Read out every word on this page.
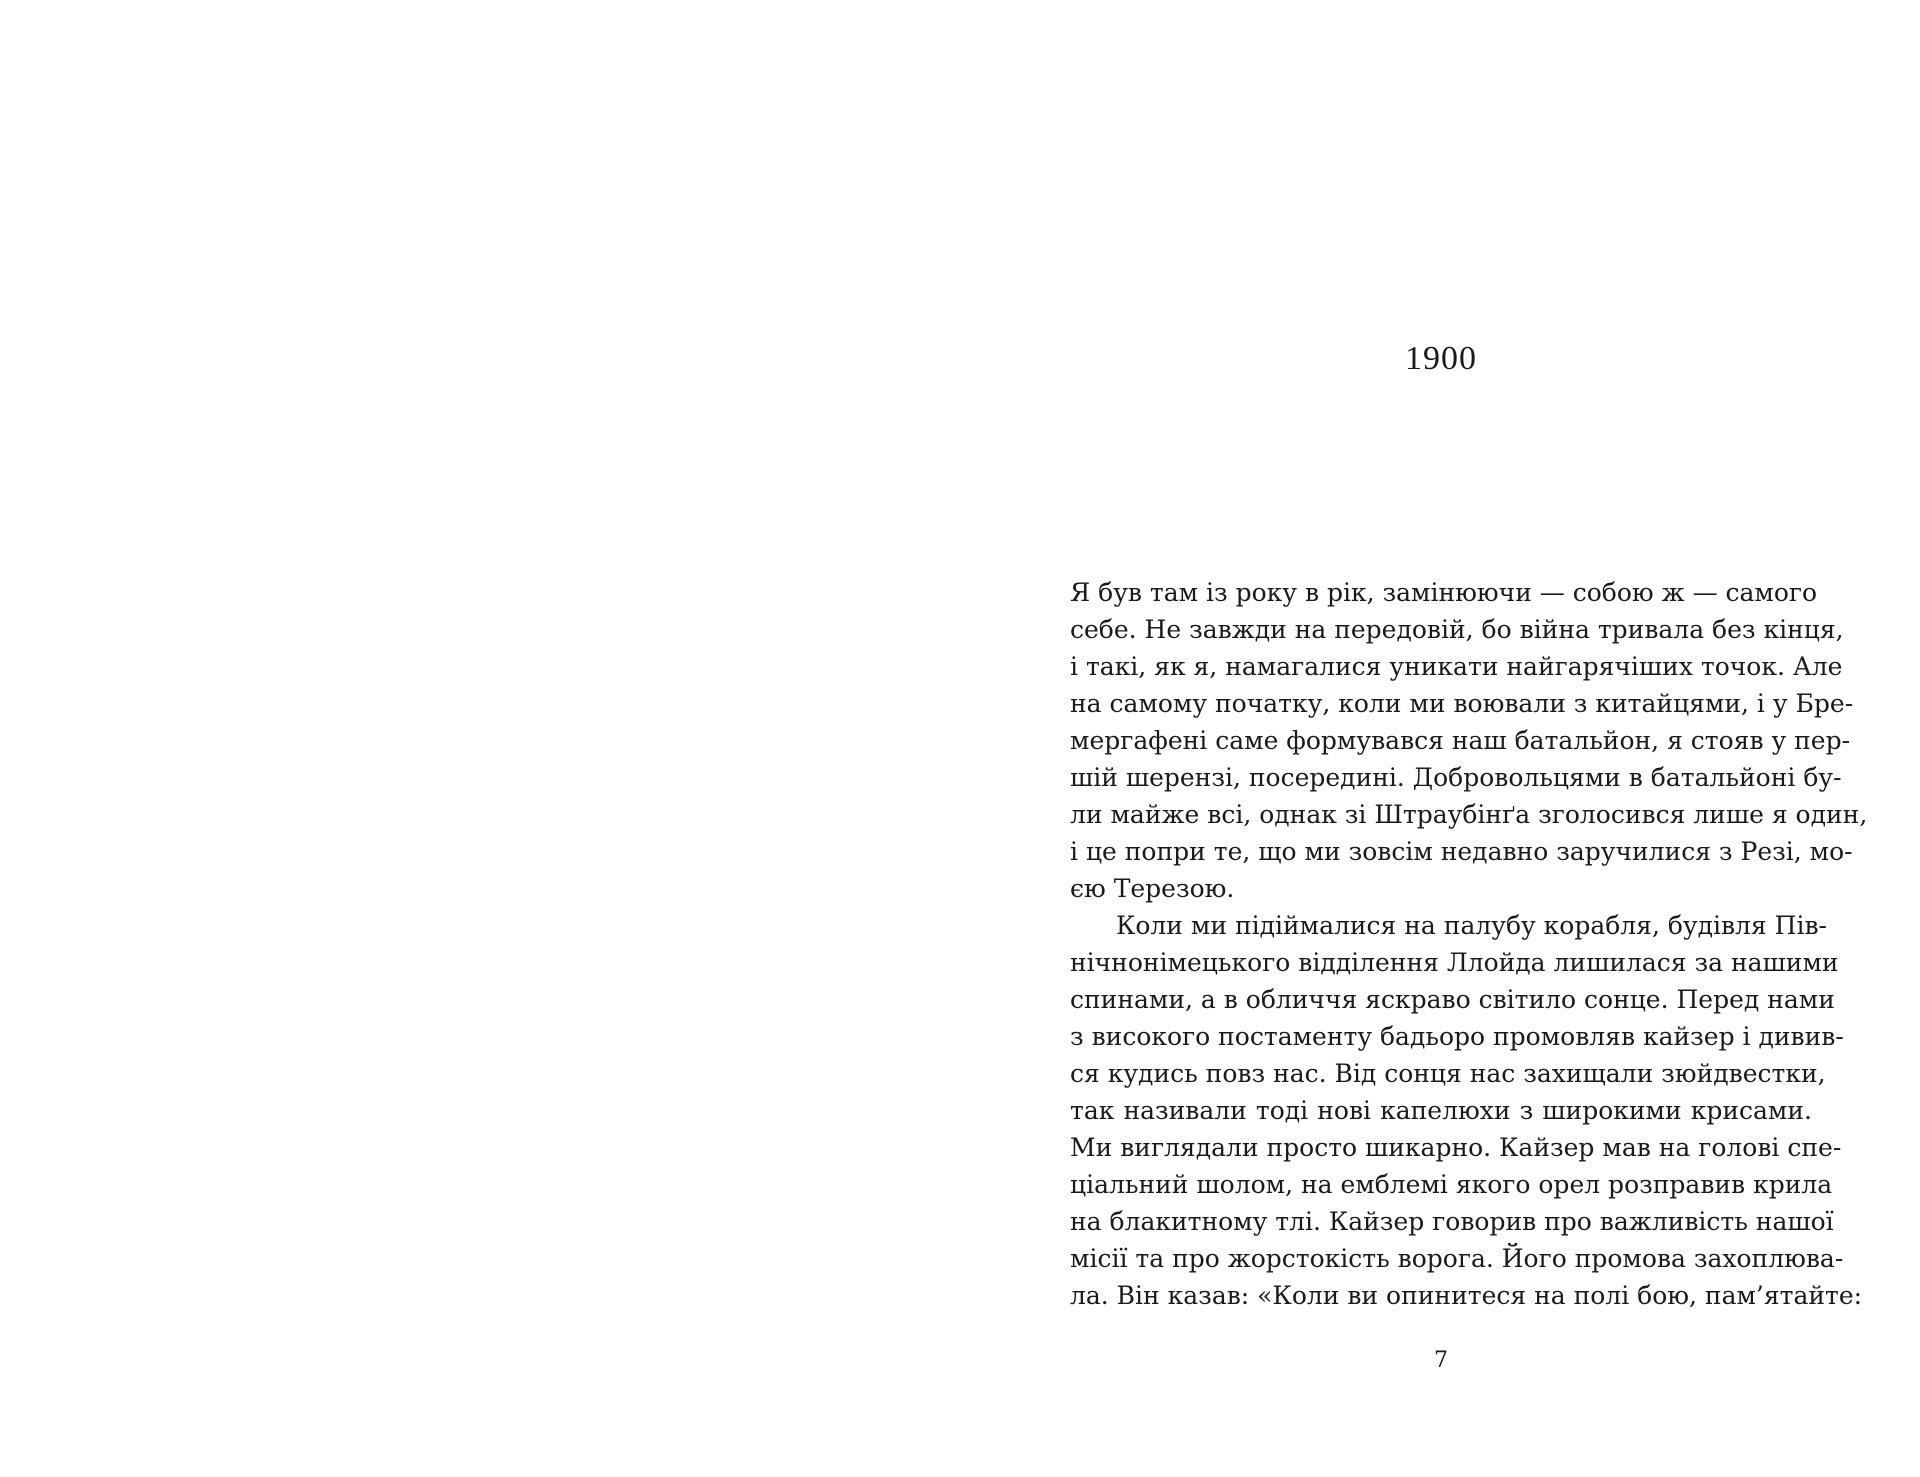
1900
Я був там із року в рік, замінюючи — собою ж — самого
себе. Не завжди на передовій, бо війна тривала без кінця,
і такі, як я, намагалися уникати найгарячіших точок. Але
на самому початку, коли ми воювали з китайцями, і у Бре-
мергафені саме формувався наш батальйон, я стояв у пер-
шій шерензі, посередині. Добровольцями в батальйоні бу-
ли майже всі, однак зі Штраубінґа зголосився лише я один,
і це попри те, що ми зовсім недавно заручилися з Резі, мо-
єю Терезою.
Коли ми підіймалися на палубу корабля, будівля Пів-
нічнонімецького відділення Ллойда лишилася за нашими
спинами, а в обличчя яскраво світило сонце. Перед нами
з високого постаменту бадьоро промовляв кайзер і дивив-
ся кудись повз нас. Від сонця нас захищали зюйдвестки,
так називали тоді нові капелюхи з широкими крисами.
Ми виглядали просто шикарно. Кайзер мав на голові спе-
ціальний шолом, на емблемі якого орел розправив крила
на блакитному тлі. Кайзер говорив про важливість нашої
місії та про жорстокість ворога. Його промова захоплюва-
ла. Він казав: «Коли ви опинитеся на полі бою, пам’ятайте:
7
